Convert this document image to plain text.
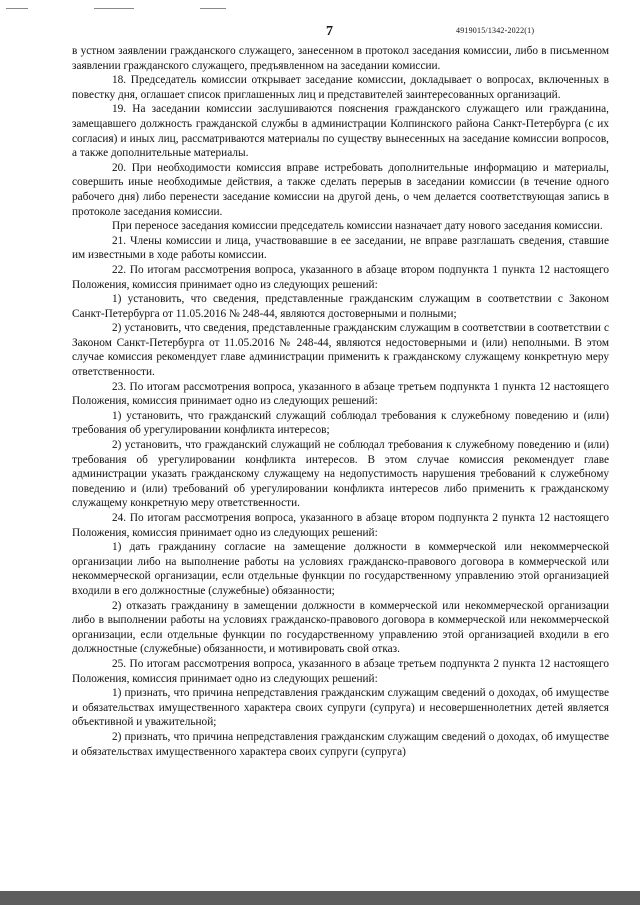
7	4919015/1342-2022(1)

в устном заявлении гражданского служащего, занесенном в протокол заседания комиссии, либо в письменном заявлении гражданского служащего, предъявленном на заседании комиссии.

18. Председатель комиссии открывает заседание комиссии, докладывает о вопросах, включенных в повестку дня, оглашает список приглашенных лиц и представителей заинтересованных организаций.

19. На заседании комиссии заслушиваются пояснения гражданского служащего или гражданина, замещавшего должность гражданской службы в администрации Колпинского района Санкт-Петербурга (с их согласия) и иных лиц, рассматриваются материалы по существу вынесенных на заседание комиссии вопросов, а также дополнительные материалы.

20. При необходимости комиссия вправе истребовать дополнительные информацию и материалы, совершить иные необходимые действия, а также сделать перерыв в заседании комиссии (в течение одного рабочего дня) либо перенести заседание комиссии на другой день, о чем делается соответствующая запись в протоколе заседания комиссии.

При переносе заседания комиссии председатель комиссии назначает дату нового заседания комиссии.

21. Члены комиссии и лица, участвовавшие в ее заседании, не вправе разглашать сведения, ставшие им известными в ходе работы комиссии.

22. По итогам рассмотрения вопроса, указанного в абзаце втором подпункта 1 пункта 12 настоящего Положения, комиссия принимает одно из следующих решений:

1) установить, что сведения, представленные гражданским служащим в соответствии с Законом Санкт-Петербурга от 11.05.2016 № 248-44, являются достоверными и полными;

2) установить, что сведения, представленные гражданским служащим в соответствии в соответствии с Законом Санкт-Петербурга от 11.05.2016 № 248-44, являются недостоверными и (или) неполными. В этом случае комиссия рекомендует главе администрации применить к гражданскому служащему конкретную меру ответственности.

23. По итогам рассмотрения вопроса, указанного в абзаце третьем подпункта 1 пункта 12 настоящего Положения, комиссия принимает одно из следующих решений:

1) установить, что гражданский служащий соблюдал требования к служебному поведению и (или) требования об урегулировании конфликта интересов;

2) установить, что гражданский служащий не соблюдал требования к служебному поведению и (или) требования об урегулировании конфликта интересов. В этом случае комиссия рекомендует главе администрации указать гражданскому служащему на недопустимость нарушения требований к служебному поведению и (или) требований об урегулировании конфликта интересов либо применить к гражданскому служащему конкретную меру ответственности.

24. По итогам рассмотрения вопроса, указанного в абзаце втором подпункта 2 пункта 12 настоящего Положения, комиссия принимает одно из следующих решений:

1) дать гражданину согласие на замещение должности в коммерческой или некоммерческой организации либо на выполнение работы на условиях гражданско-правового договора в коммерческой или некоммерческой организации, если отдельные функции по государственному управлению этой организацией входили в его должностные (служебные) обязанности;

2) отказать гражданину в замещении должности в коммерческой или некоммерческой организации либо в выполнении работы на условиях гражданско-правового договора в коммерческой или некоммерческой организации, если отдельные функции по государственному управлению этой организацией входили в его должностные (служебные) обязанности, и мотивировать свой отказ.

25. По итогам рассмотрения вопроса, указанного в абзаце третьем подпункта 2 пункта 12 настоящего Положения, комиссия принимает одно из следующих решений:

1) признать, что причина непредставления гражданским служащим сведений о доходах, об имуществе и обязательствах имущественного характера своих супруги (супруга) и несовершеннолетних детей является объективной и уважительной;

2) признать, что причина непредставления гражданским служащим сведений о доходах, об имуществе и обязательствах имущественного характера своих супруги (супруга)
